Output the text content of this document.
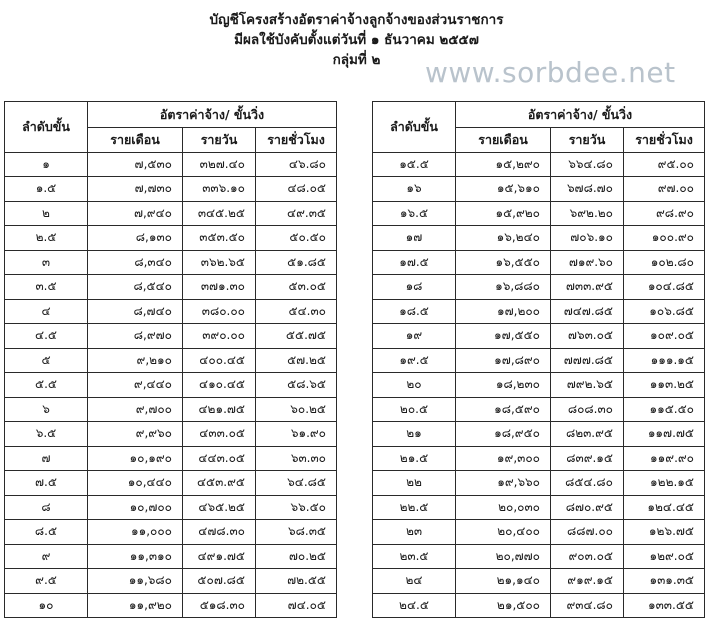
บัญชีโครงสร้างอัตราค่าจ้างลูกจ้างของส่วนราชการ
มีผลใช้บังคับตั้งแต่วันที่ ๑ ธันวาคม ๒๕๕๗
กลุ่มที่ ๒	www.sorbdee.net
ลำดับขั้น	อัตราค่าจ้าง/ ขั้นวิ่ง		
	รายเดือน	รายวัน	รายชั่วโมง
๑	๗,๕๓๐	๓๒๗.๔๐	๔๖.๘๐
๑.๕	๗,๗๓๐	๓๓๖.๑๐	๔๘.๐๕
๒	๗,๙๔๐	๓๔๕.๒๕	๔๙.๓๕
๒.๕	๘,๑๓๐	๓๕๓.๕๐	๕๐.๕๐
๓	๘,๓๔๐	๓๖๒.๖๕	๕๑.๘๕
๓.๕	๘,๕๔๐	๓๗๑.๓๐	๕๓.๐๕
๔	๘,๗๔๐	๓๘๐.๐๐	๕๔.๓๐
๔.๕	๘,๙๗๐	๓๙๐.๐๐	๕๕.๗๕
๕	๙,๒๑๐	๔๐๐.๔๕	๕๗.๒๕
๕.๕	๙,๔๔๐	๔๑๐.๔๕	๕๘.๖๕
๖	๙,๗๐๐	๔๒๑.๗๕	๖๐.๒๕
๖.๕	๙,๙๖๐	๔๓๓.๐๕	๖๑.๙๐
๗	๑๐,๑๙๐	๔๔๓.๐๕	๖๓.๓๐
๗.๕	๑๐,๔๔๐	๔๕๓.๙๕	๖๔.๘๕
๘	๑๐,๗๐๐	๔๖๕.๒๕	๖๖.๕๐
๘.๕	๑๑,๐๐๐	๔๗๘.๓๐	๖๘.๓๕
๙	๑๑,๓๑๐	๔๙๑.๗๕	๗๐.๒๕
๙.๕	๑๑,๖๘๐	๕๐๗.๘๕	๗๒.๕๕
๑๐	๑๑,๙๒๐	๕๑๘.๓๐	๗๔.๐๕
ลำดับขั้น	อัตราค่าจ้าง/ ขั้นวิ่ง		
	รายเดือน	รายวัน	รายชั่วโมง
๑๕.๕	๑๕,๒๙๐	๖๖๔.๘๐	๙๕.๐๐
๑๖	๑๕,๖๑๐	๖๗๘.๗๐	๙๗.๐๐
๑๖.๕	๑๕,๙๒๐	๖๙๒.๒๐	๙๘.๙๐
๑๗	๑๖,๒๔๐	๗๐๖.๑๐	๑๐๐.๙๐
๑๗.๕	๑๖,๕๕๐	๗๑๙.๖๐	๑๐๒.๘๐
๑๘	๑๖,๘๘๐	๗๓๓.๙๕	๑๐๔.๘๕
๑๘.๕	๑๗,๒๐๐	๗๔๗.๘๕	๑๐๖.๘๕
๑๙	๑๗,๕๕๐	๗๖๓.๐๕	๑๐๙.๐๕
๑๙.๕	๑๗,๘๙๐	๗๗๗.๘๕	๑๑๑.๑๕
๒๐	๑๘,๒๓๐	๗๙๒.๖๕	๑๑๓.๒๕
๒๐.๕	๑๘,๕๙๐	๘๐๘.๓๐	๑๑๕.๕๐
๒๑	๑๘,๙๕๐	๘๒๓.๙๕	๑๑๗.๗๕
๒๑.๕	๑๙,๓๐๐	๘๓๙.๑๕	๑๑๙.๙๐
๒๒	๑๙,๖๖๐	๘๕๔.๘๐	๑๒๒.๑๕
๒๒.๕	๒๐,๐๓๐	๘๗๐.๙๕	๑๒๔.๔๕
๒๓	๒๐,๔๐๐	๘๘๗.๐๐	๑๒๖.๗๕
๒๓.๕	๒๐,๗๗๐	๙๐๓.๐๕	๑๒๙.๐๕
๒๔	๒๑,๑๔๐	๙๑๙.๑๕	๑๓๑.๓๕
๒๔.๕	๒๑,๕๐๐	๙๓๔.๘๐	๑๓๓.๕๕
